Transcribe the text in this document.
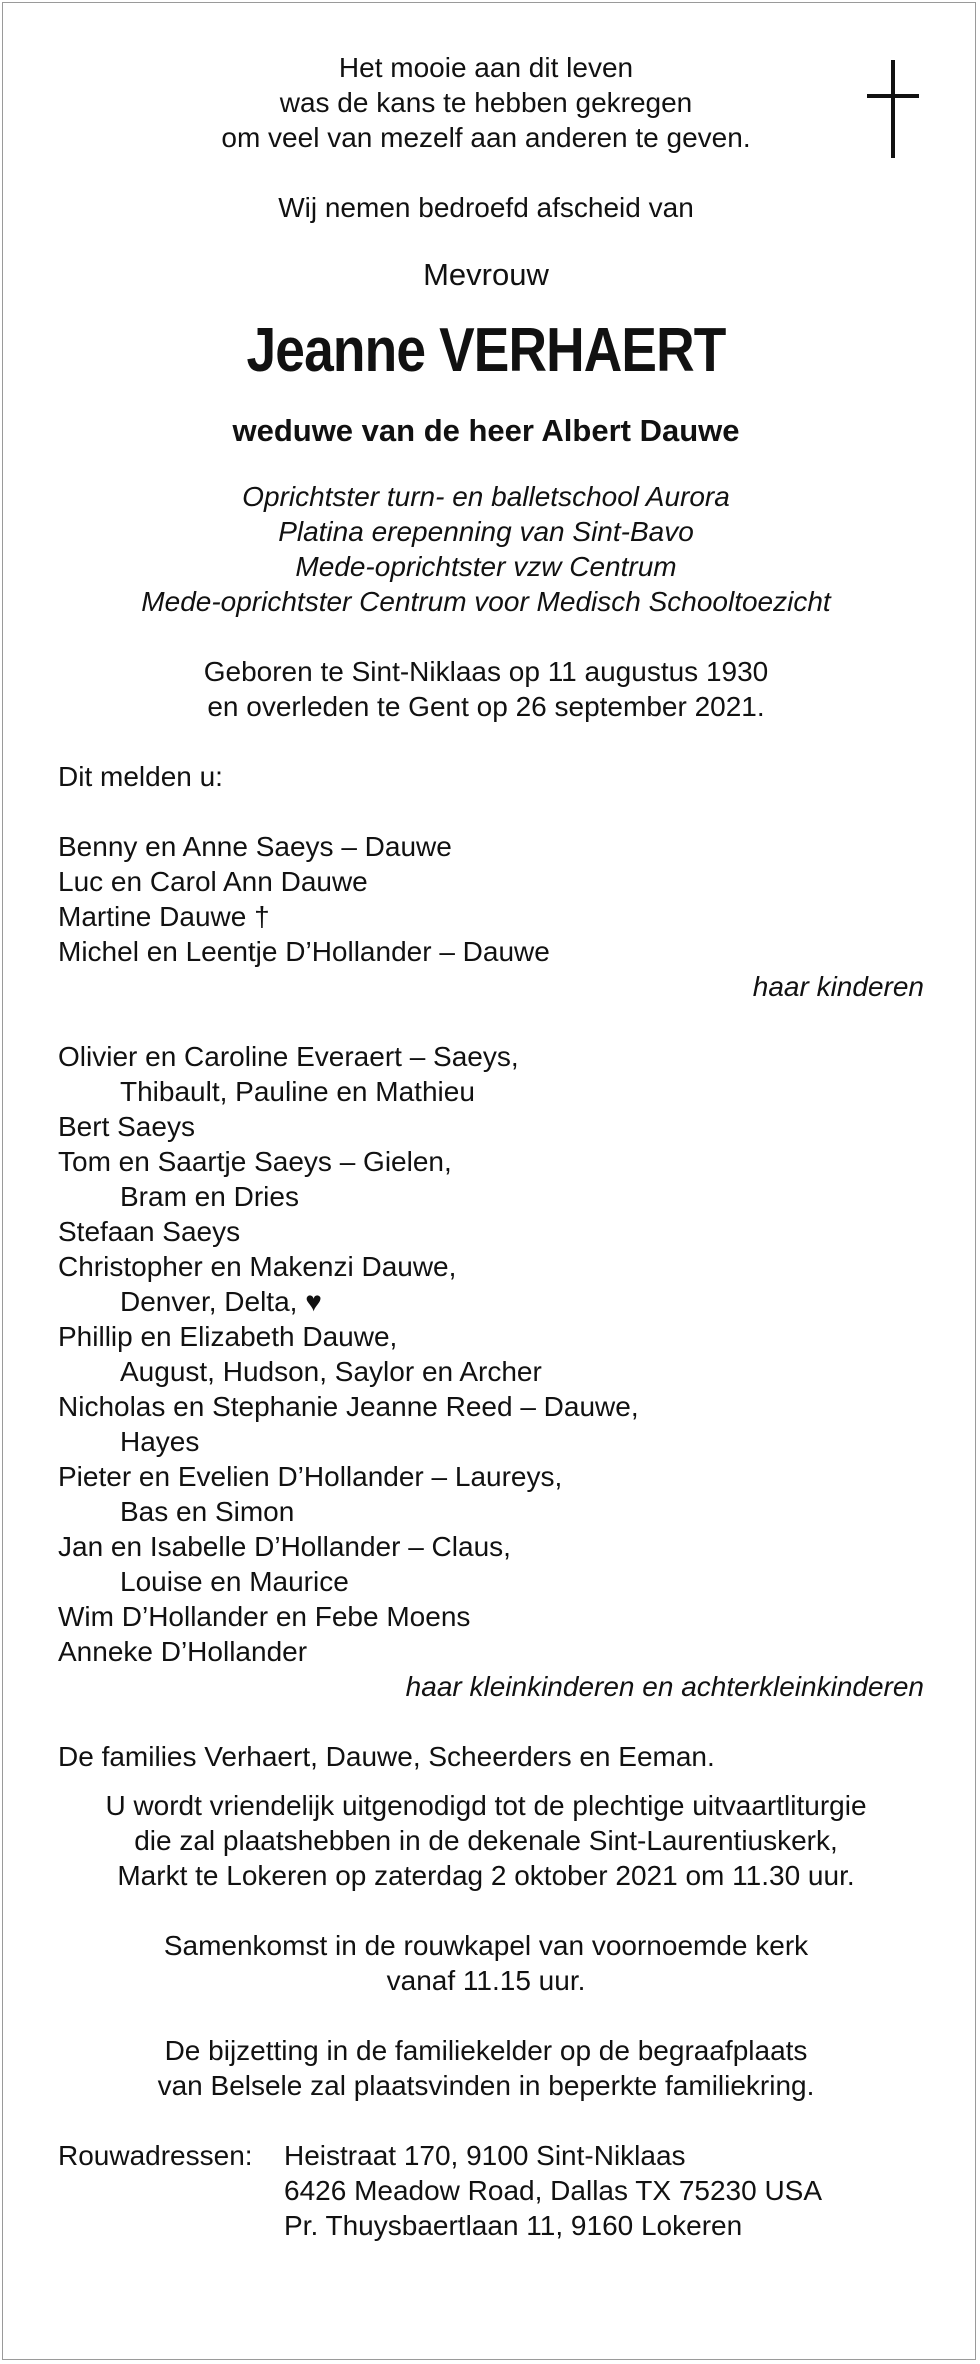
Het mooie aan dit leven
was de kans te hebben gekregen
om veel van mezelf aan anderen te geven.
Wij nemen bedroefd afscheid van
Mevrouw
Jeanne VERHAERT
weduwe van de heer Albert Dauwe
Oprichtster turn- en balletschool Aurora
Platina erepenning van Sint-Bavo
Mede-oprichtster vzw Centrum
Mede-oprichtster Centrum voor Medisch Schooltoezicht
Geboren te Sint-Niklaas op 11 augustus 1930
en overleden te Gent op 26 september 2021.
Dit melden u:
Benny en Anne Saeys – Dauwe
Luc en Carol Ann Dauwe
Martine Dauwe †
Michel en Leentje D’Hollander – Dauwe
haar kinderen
Olivier en Caroline Everaert – Saeys,
Thibault, Pauline en Mathieu
Bert Saeys
Tom en Saartje Saeys – Gielen,
Bram en Dries
Stefaan Saeys
Christopher en Makenzi Dauwe,
Denver, Delta, ♥
Phillip en Elizabeth Dauwe,
August, Hudson, Saylor en Archer
Nicholas en Stephanie Jeanne Reed – Dauwe,
Hayes
Pieter en Evelien D’Hollander – Laureys,
Bas en Simon
Jan en Isabelle D’Hollander – Claus,
Louise en Maurice
Wim D’Hollander en Febe Moens
Anneke D’Hollander
haar kleinkinderen en achterkleinkinderen
De families Verhaert, Dauwe, Scheerders en Eeman.
U wordt vriendelijk uitgenodigd tot de plechtige uitvaartliturgie
die zal plaatshebben in de dekenale Sint-Laurentiuskerk,
Markt te Lokeren op zaterdag 2 oktober 2021 om 11.30 uur.
Samenkomst in de rouwkapel van voornoemde kerk
vanaf 11.15 uur.
De bijzetting in de familiekelder op de begraafplaats
van Belsele zal plaatsvinden in beperkte familiekring.
Rouwadressen:	Heistraat 170, 9100 Sint-Niklaas
6426 Meadow Road, Dallas TX 75230 USA
Pr. Thuysbaertlaan 11, 9160 Lokeren
